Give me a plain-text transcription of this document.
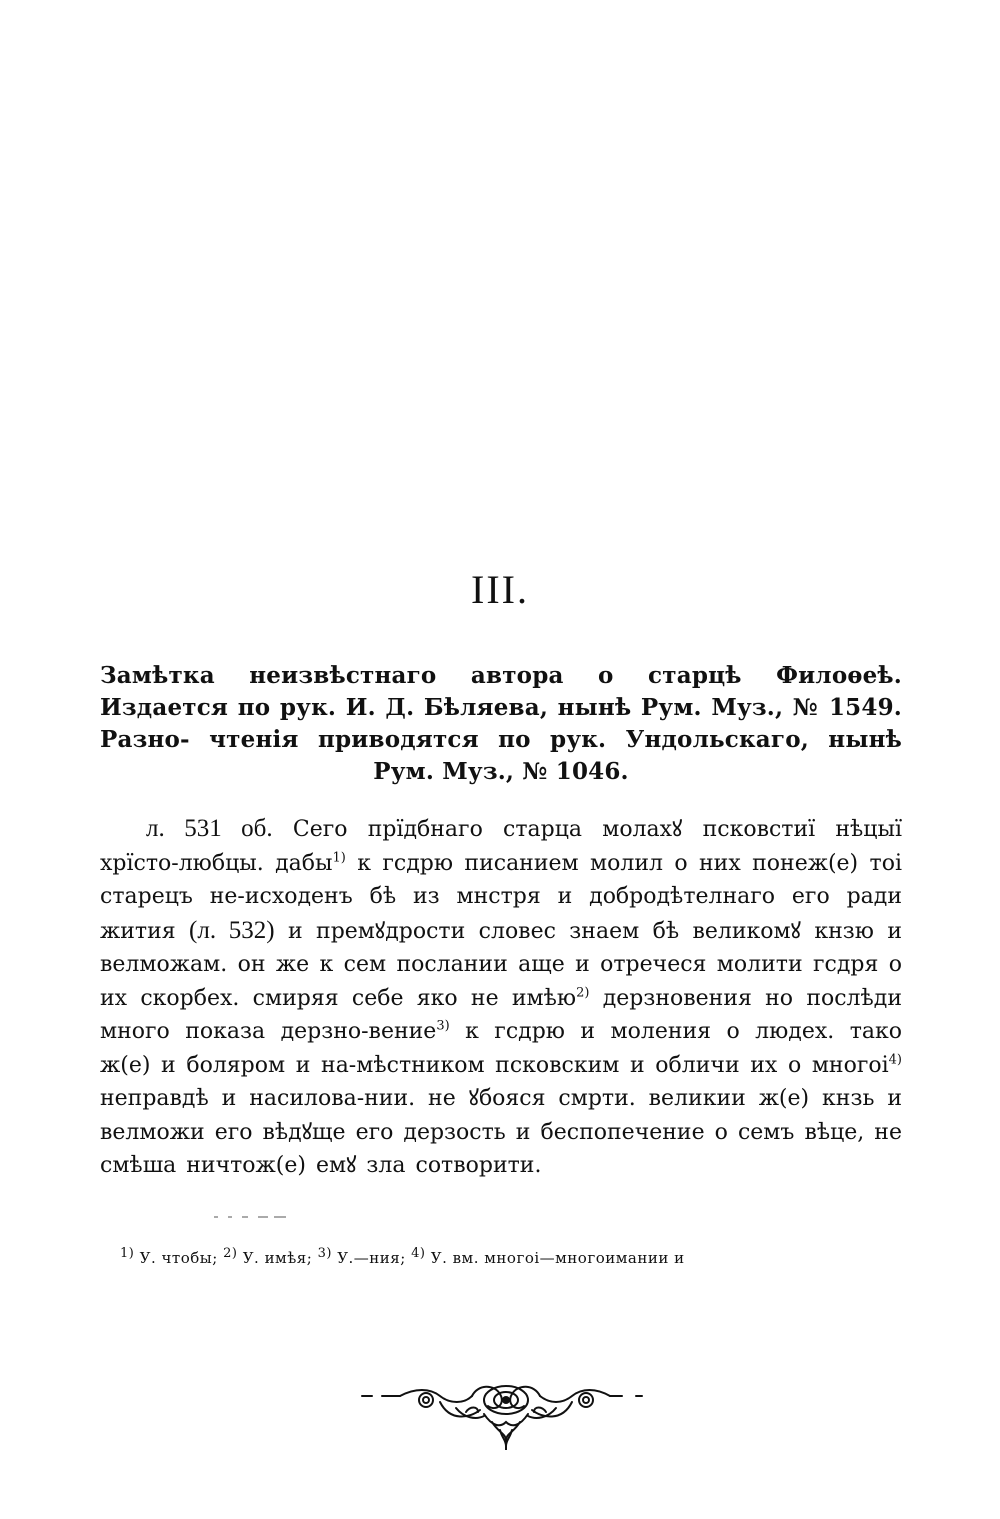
III.
Замѣтка неизвѣстнаго автора о старцѣ Филоѳеѣ. Издается по рук. И. Д. Бѣляева, нынѣ Рум. Муз., № 1549. Разно- чтенія приводятся по рук. Ундольскаго, нынѣ Рум. Муз., № 1046.
л. 531 об. Сего прїдбнаго старца молахꙋ псковстиї нѣцыї хрїсто-любцы. дабы$^{1)}$ к гсдрю писанием молил о них понеж(е) тоі старецъ не-исходенъ бѣ из мнстря и добродѣтелнаго его ради жития (л. 532) и премꙋдрости словес знаем бѣ великомꙋ кнзю и велможам. он же к сем послании аще и отречеся молити гсдря о их скорбех. смиряя себе яко не имѣю$^{2)}$ дерзновения но послѣди много показа дерзно-вение$^{3)}$ к гсдрю и моления о людех. тако ж(е) и боляром и на-мѣстником псковским и обличи их о многоі$^{4)}$ неправдѣ и насилова-нии. не ꙋбояся смрти. великии ж(е) кнзь и велможи его вѣдꙋще его дерзость и беспопечение о семъ вѣце, не смѣша ничтож(е) емꙋ зла сотворити.
$^{1)}$ У. чтобы; $^{2)}$ У. имѣя; $^{3)}$ У.—ния; $^{4)}$ У. вм. многоі—многоимании и
